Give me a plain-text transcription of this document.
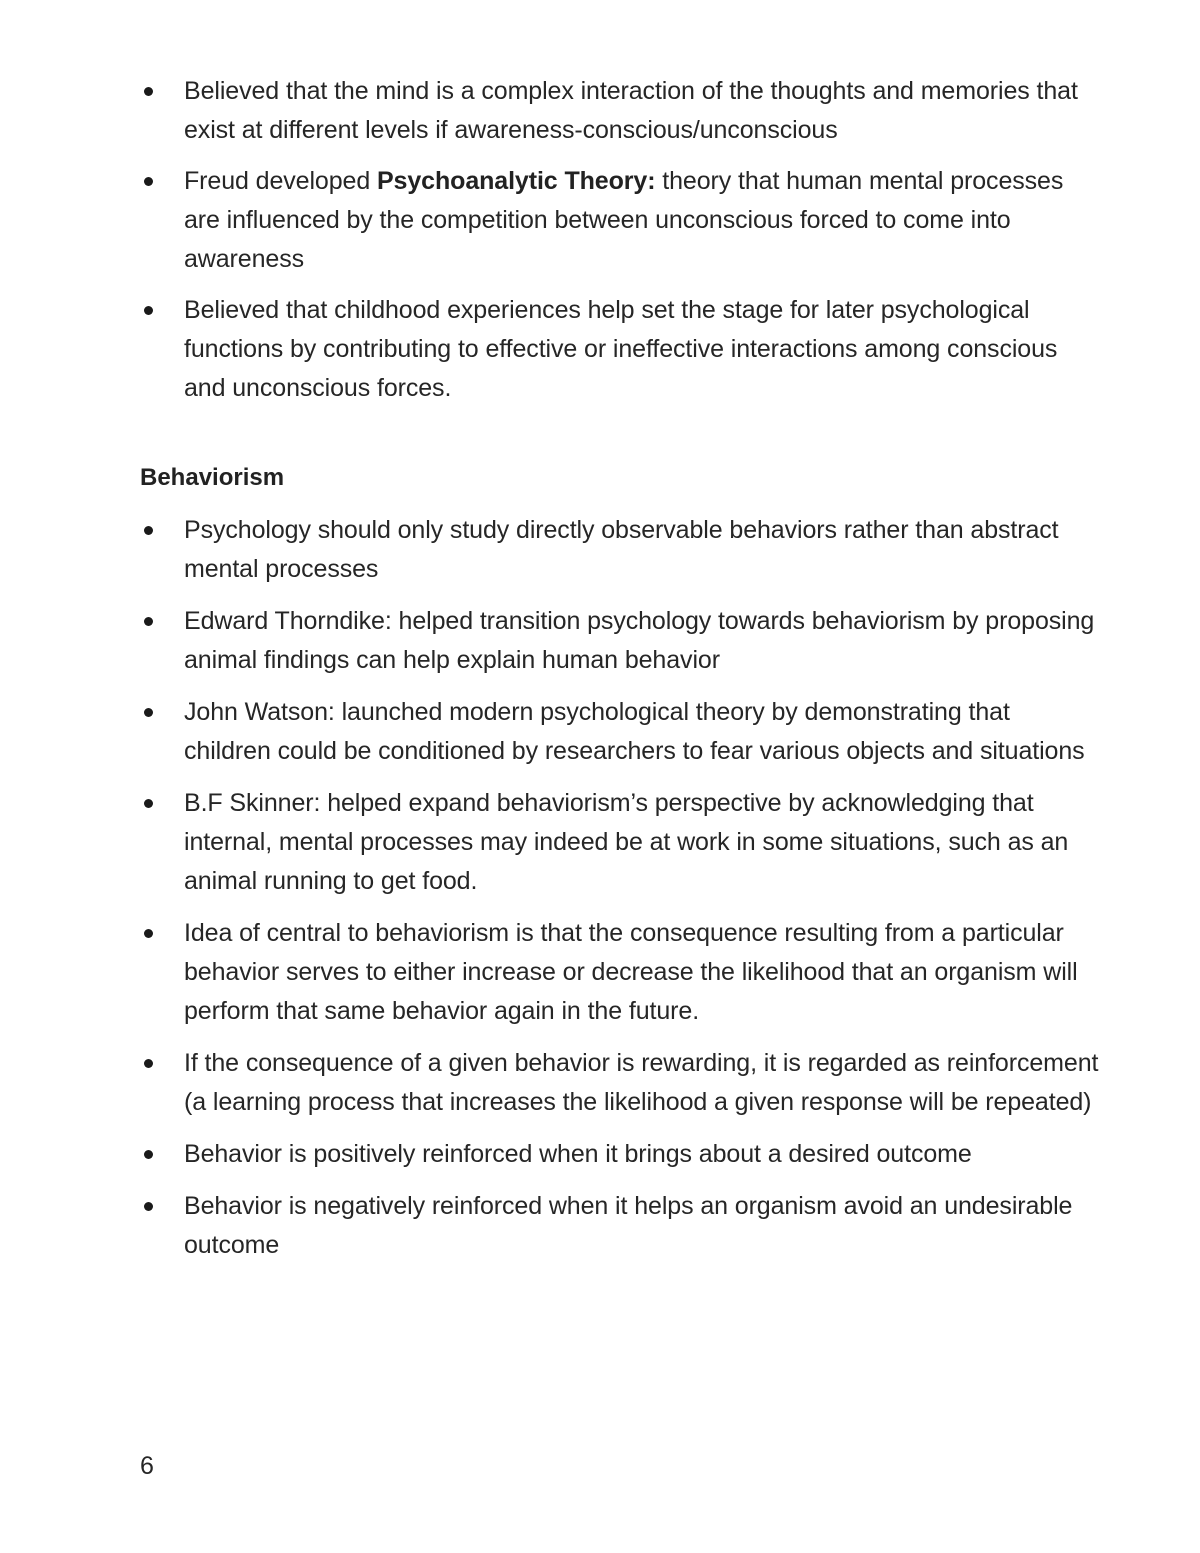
Believed that the mind is a complex interaction of the thoughts and memories that exist at different levels if awareness-conscious/unconscious
Freud developed Psychoanalytic Theory: theory that human mental processes are influenced by the competition between unconscious forced to come into awareness
Believed that childhood experiences help set the stage for later psychological functions by contributing to effective or ineffective interactions among conscious and unconscious forces.
Behaviorism
Psychology should only study directly observable behaviors rather than abstract mental processes
Edward Thorndike: helped transition psychology towards behaviorism by proposing animal findings can help explain human behavior
John Watson: launched modern psychological theory by demonstrating that children could be conditioned by researchers to fear various objects and situations
B.F Skinner: helped expand behaviorism’s perspective by acknowledging that internal, mental processes may indeed be at work in some situations, such as an animal running to get food.
Idea of central to behaviorism is that the consequence resulting from a particular behavior serves to either increase or decrease the likelihood that an organism will perform that same behavior again in the future.
If the consequence of a given behavior is rewarding, it is regarded as reinforcement (a learning process that increases the likelihood a given response will be repeated)
Behavior is positively reinforced when it brings about a desired outcome
Behavior is negatively reinforced when it helps an organism avoid an undesirable outcome
6
